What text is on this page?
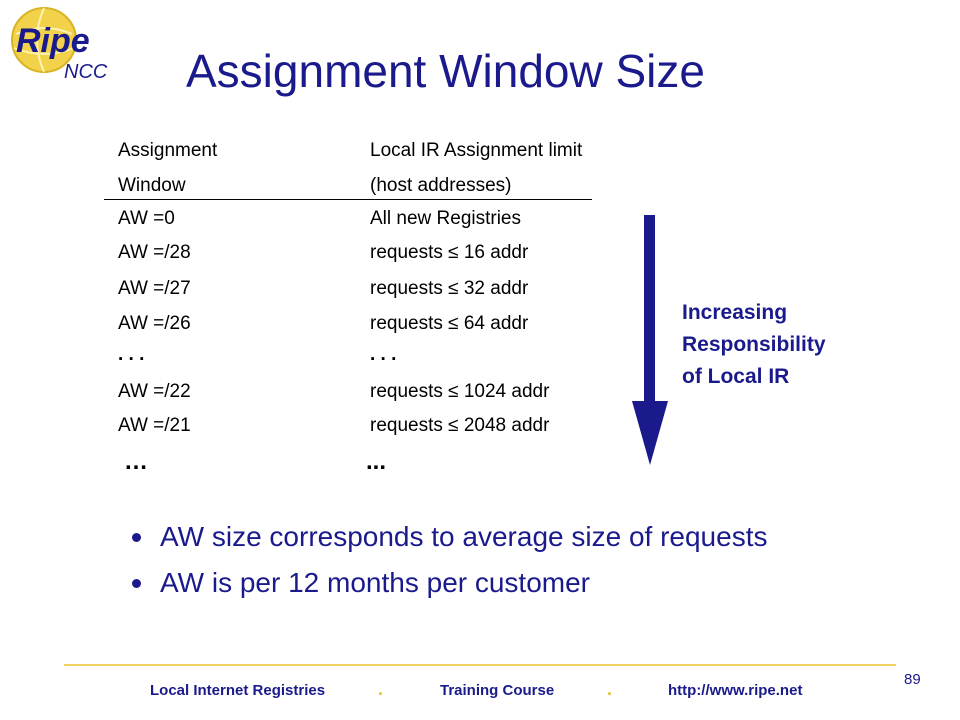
Ripe
NCC Assignment Window Size
Assignment	Local IR Assignment limit
Window	(host addresses)
AW =0	All new Registries
AW =/28	requests ≤ 16 addr
AW =/27	requests ≤ 32 addr
AW =/26	requests ≤ 64 addr
. . .	. . .
AW =/22	requests ≤ 1024 addr
AW =/21	requests ≤ 2048 addr
…	...
Increasing
Responsibility
of Local IR
AW size corresponds to average size of requests
AW is per 12 months per customer
Local Internet Registries	.	Training Course	.	http://www.ripe.net
89
